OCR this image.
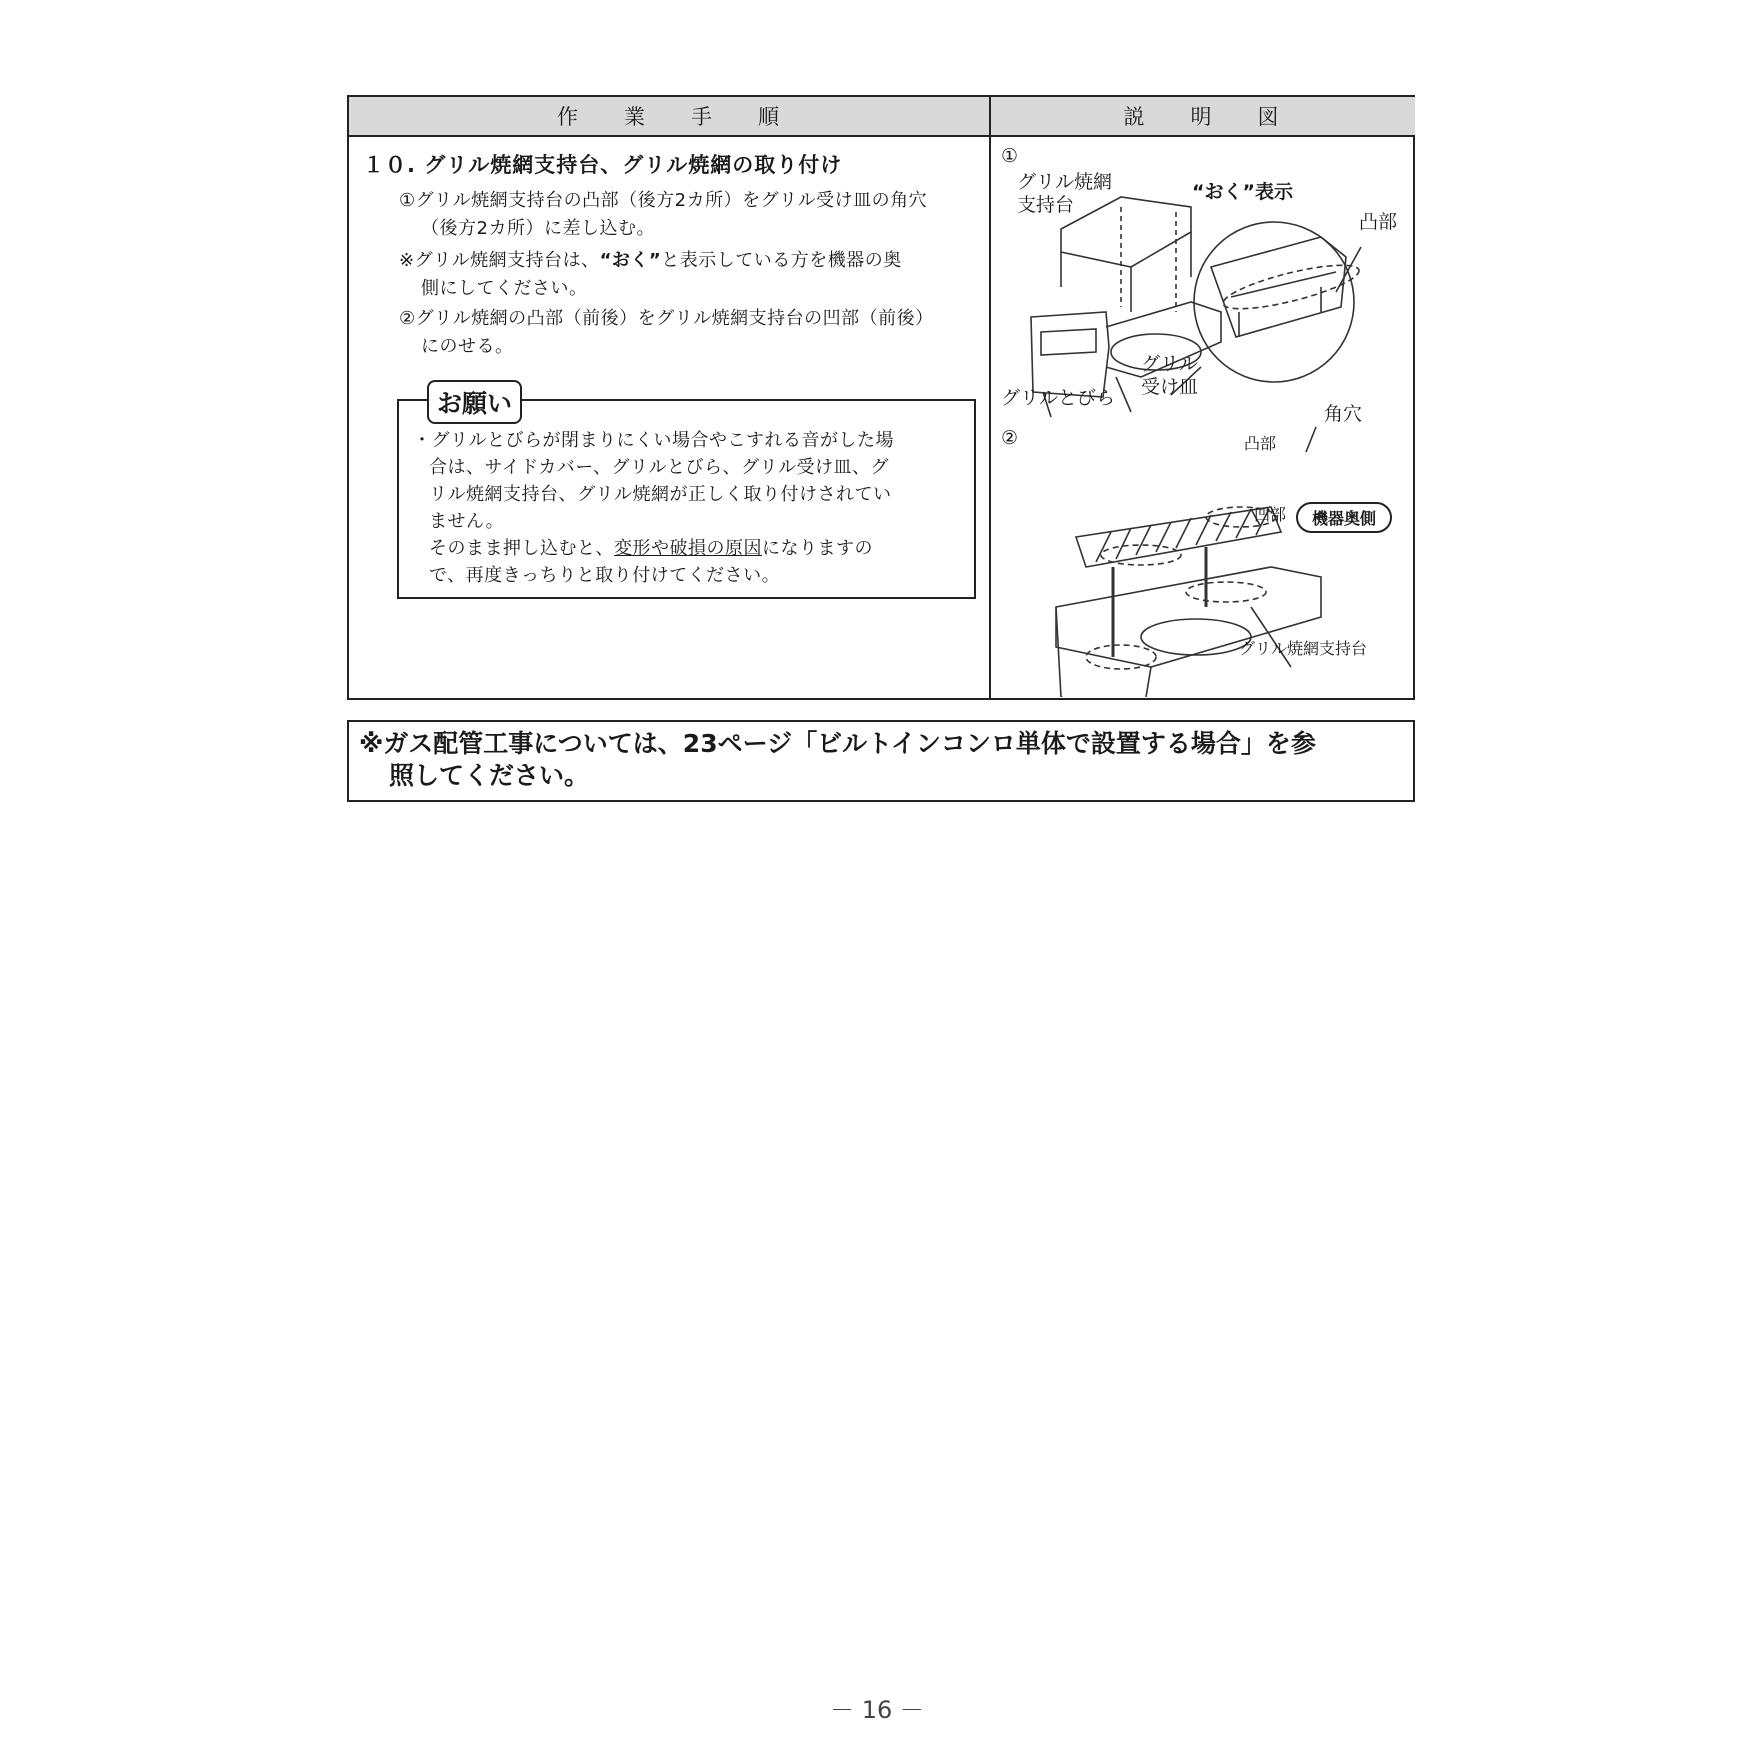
作 業 手 順	説 明 図
１０. グリル焼網支持台、グリル焼網の取り付け
①グリル焼網支持台の凸部（後方2カ所）をグリル受け皿の角穴
（後方2カ所）に差し込む。
※グリル焼網支持台は、“おく”と表示している方を機器の奥
側にしてください。
②グリル焼網の凸部（前後）をグリル焼網支持台の凹部（前後）
にのせる。
お願い
・グリルとびらが閉まりにくい場合やこすれる音がした場
合は、サイドカバー、グリルとびら、グリル受け皿、グ
リル焼網支持台、グリル焼網が正しく取り付けされてい
ません。
そのまま押し込むと、変形や破損の原因になりますの
で、再度きっちりと取り付けてください。
①
グリル焼網
支持台
“おく”表示
凸部
グリルとびら
グリル
受け皿
角穴
②	凸部
凹部	機器奥側
グリル焼網支持台
※ガス配管工事については、23ページ「ビルトインコンロ単体で設置する場合」を参
照してください。
－ 16 －
